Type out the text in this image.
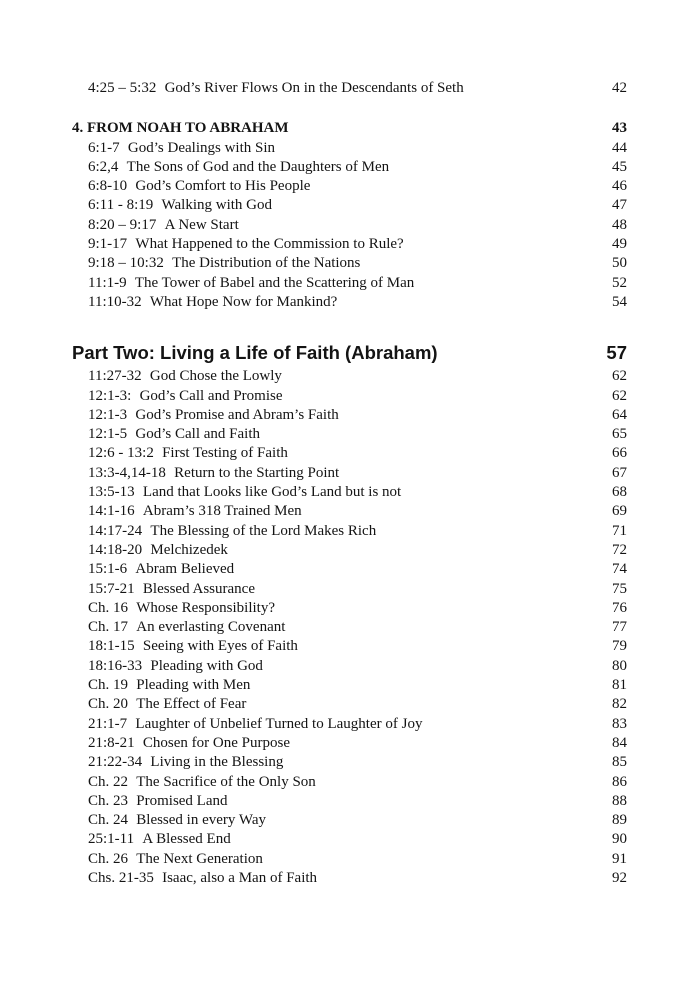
4:25 – 5:32 God’s River Flows On in the Descendants of Seth	42
4. FROM NOAH TO ABRAHAM	43
6:1-7 God’s Dealings with Sin	44
6:2,4 The Sons of God and the Daughters of Men	45
6:8-10 God’s Comfort to His People	46
6:11 - 8:19 Walking with God	47
8:20 – 9:17 A New Start	48
9:1-17 What Happened to the Commission to Rule?	49
9:18 – 10:32 The Distribution of the Nations	50
11:1-9 The Tower of Babel and the Scattering of Man	52
11:10-32 What Hope Now for Mankind?	54
Part Two: Living a Life of Faith (Abraham)	57
11:27-32 God Chose the Lowly	62
12:1-3: God’s Call and Promise	62
12:1-3 God’s Promise and Abram’s Faith	64
12:1-5 God’s Call and Faith	65
12:6 - 13:2 First Testing of Faith	66
13:3-4,14-18 Return to the Starting Point	67
13:5-13 Land that Looks like God’s Land but is not	68
14:1-16 Abram’s 318 Trained Men	69
14:17-24 The Blessing of the Lord Makes Rich	71
14:18-20 Melchizedek	72
15:1-6 Abram Believed	74
15:7-21 Blessed Assurance	75
Ch. 16 Whose Responsibility?	76
Ch. 17 An everlasting Covenant	77
18:1-15 Seeing with Eyes of Faith	79
18:16-33 Pleading with God	80
Ch. 19 Pleading with Men	81
Ch. 20 The Effect of Fear	82
21:1-7 Laughter of Unbelief Turned to Laughter of Joy	83
21:8-21 Chosen for One Purpose	84
21:22-34 Living in the Blessing	85
Ch. 22 The Sacrifice of the Only Son	86
Ch. 23 Promised Land	88
Ch. 24 Blessed in every Way	89
25:1-11 A Blessed End	90
Ch. 26 The Next Generation	91
Chs. 21-35 Isaac, also a Man of Faith	92
